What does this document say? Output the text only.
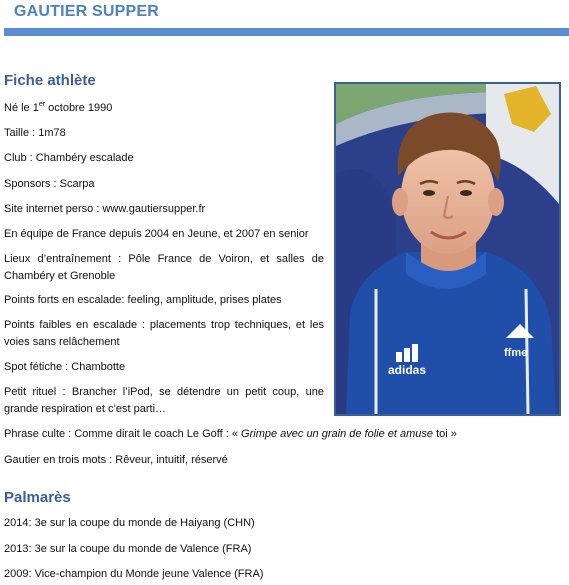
GAUTIER SUPPER
Fiche athlète
Né le 1er octobre 1990
Taille : 1m78
Club : Chambéry escalade
Sponsors : Scarpa
Site internet perso : www.gautiersupper.fr
En équipe de France depuis 2004 en Jeune, et 2007 en senior
Lieux d’entraînement : Pôle France de Voiron, et salles de Chambéry et Grenoble
Points forts en escalade: feeling, amplitude, prises plates
Points faibles en escalade : placements trop techniques, et les voies sans relâchement
Spot fétiche : Chambotte
Petit rituel : Brancher l’iPod, se détendre un petit coup, une grande respiration et c’est parti…
Phrase culte : Comme dirait le coach Le Goff : « Grimpe avec un grain de folie et amuse toi »
Gautier en trois mots : Rêveur, intuitif, réservé
adidas
ffme
Palmarès
2014: 3e sur la coupe du monde de Haiyang (CHN)
2013: 3e sur la coupe du monde de Valence (FRA)
2009: Vice-champion du Monde jeune Valence (FRA)
